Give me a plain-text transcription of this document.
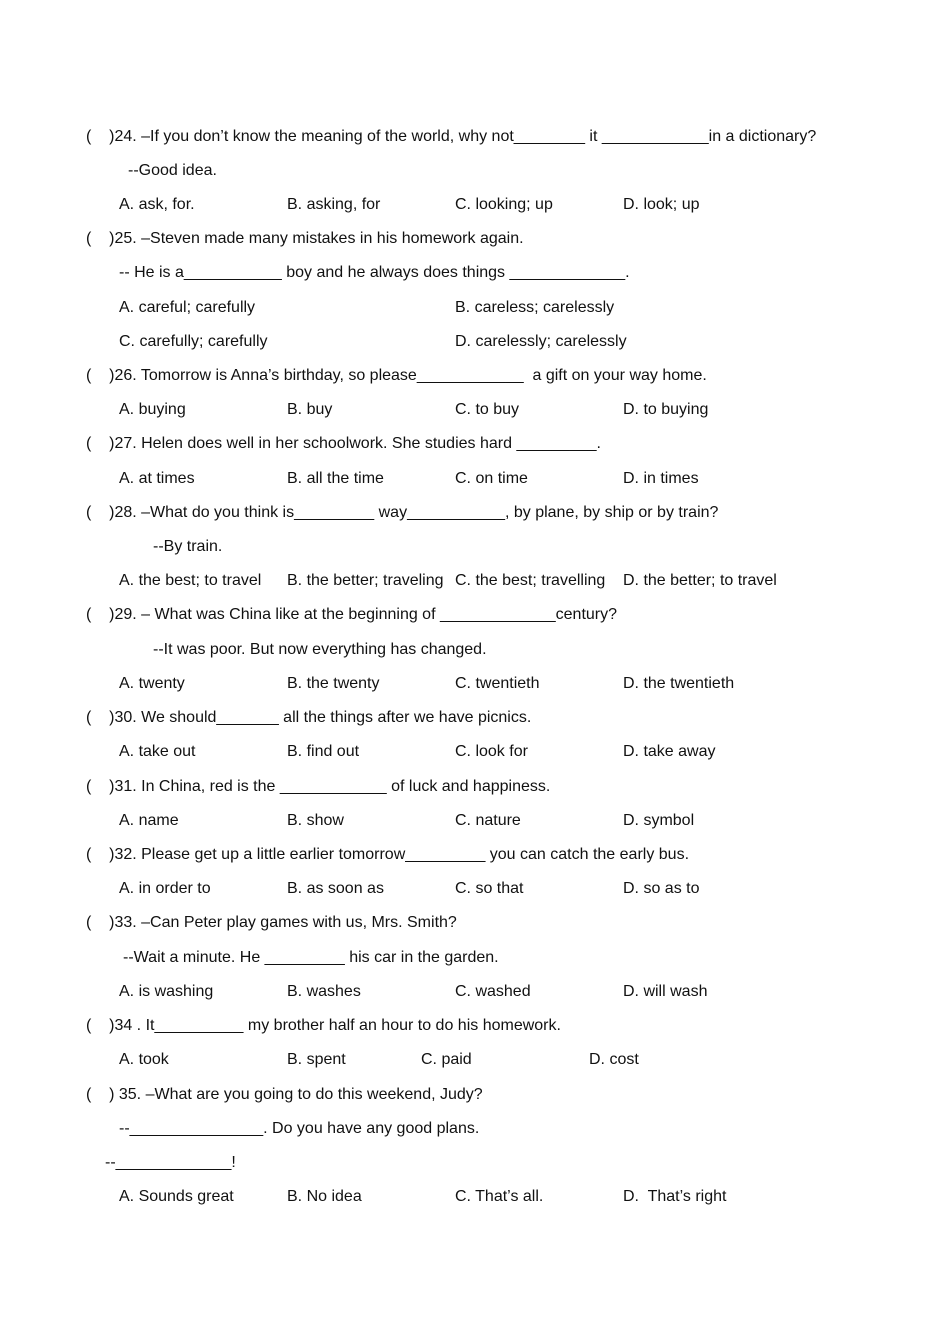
(    )24. –If you don’t know the meaning of the world, why not________ it ____________in a dictionary?
--Good idea.
A. ask, for.	B. asking, for	C. looking; up	D. look; up
(    )25. –Steven made many mistakes in his homework again.
-- He is a___________ boy and he always does things _____________.
A. careful; carefully	B. careless; carelessly
C. carefully; carefully	D. carelessly; carelessly
(    )26. Tomorrow is Anna’s birthday, so please____________  a gift on your way home.
A. buying	B. buy	C. to buy	D. to buying
(    )27. Helen does well in her schoolwork. She studies hard _________.
A. at times	B. all the time	C. on time	D. in times
(    )28. –What do you think is_________ way___________, by plane, by ship or by train?
--By train.
A. the best; to travel B. the better; traveling C. the best; travelling D. the better; to travel
(    )29. – What was China like at the beginning of _____________century?
--It was poor. But now everything has changed.
A. twenty	B. the twenty	C. twentieth	D. the twentieth
(    )30. We should_______ all the things after we have picnics.
A. take out	B. find out	C. look for	D. take away
(    )31. In China, red is the ____________ of luck and happiness.
A. name	B. show	C. nature	D. symbol
(    )32. Please get up a little earlier tomorrow_________ you can catch the early bus.
A. in order to	B. as soon as	C. so that	D. so as to
(    )33. –Can Peter play games with us, Mrs. Smith?
--Wait a minute. He _________ his car in the garden.
A. is washing	B. washes	C. washed	D. will wash
(    )34 . It__________ my brother half an hour to do his homework.
A. took	B. spent	C. paid	D. cost
(    ) 35. –What are you going to do this weekend, Judy?
--_______________. Do you have any good plans.
--_____________!
A. Sounds great	B. No idea	C. That’s all.	D.  That’s right
